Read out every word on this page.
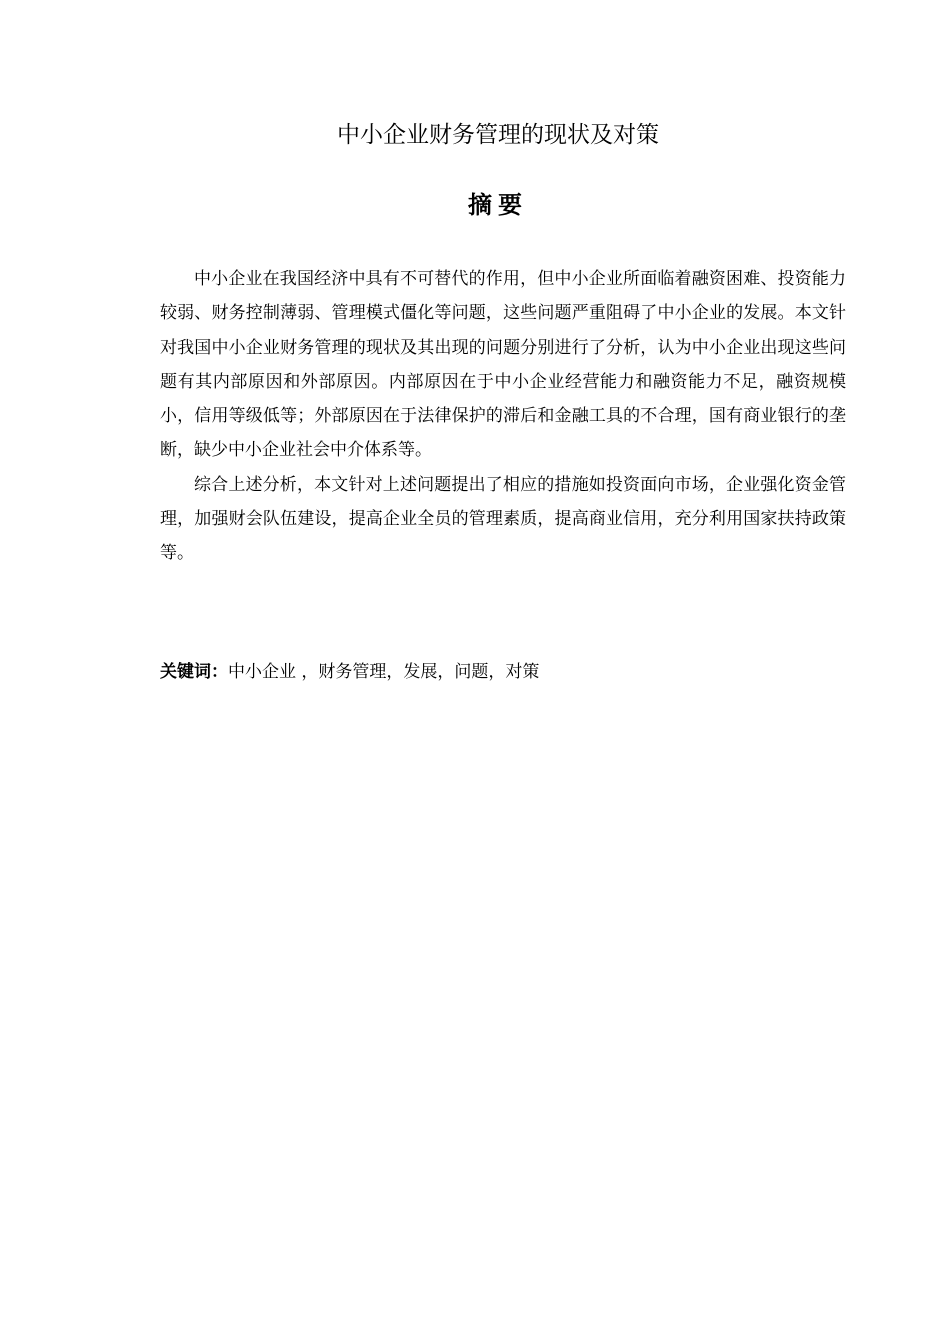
中小企业财务管理的现状及对策
摘要

中小企业在我国经济中具有不可替代的作用，但中小企业所面临着融资困难、投资能力较弱、财务控制薄弱、管理模式僵化等问题，这些问题严重阻碍了中小企业的发展。本文针对我国中小企业财务管理的现状及其出现的问题分别进行了分析，认为中小企业出现这些问题有其内部原因和外部原因。内部原因在于中小企业经营能力和融资能力不足，融资规模小，信用等级低等；外部原因在于法律保护的滞后和金融工具的不合理，国有商业银行的垄断，缺少中小企业社会中介体系等。

综合上述分析，本文针对上述问题提出了相应的措施如投资面向市场，企业强化资金管理，加强财会队伍建设，提高企业全员的管理素质，提高商业信用，充分利用国家扶持政策等。

关键词：中小企业 ，财务管理，发展，问题，对策
